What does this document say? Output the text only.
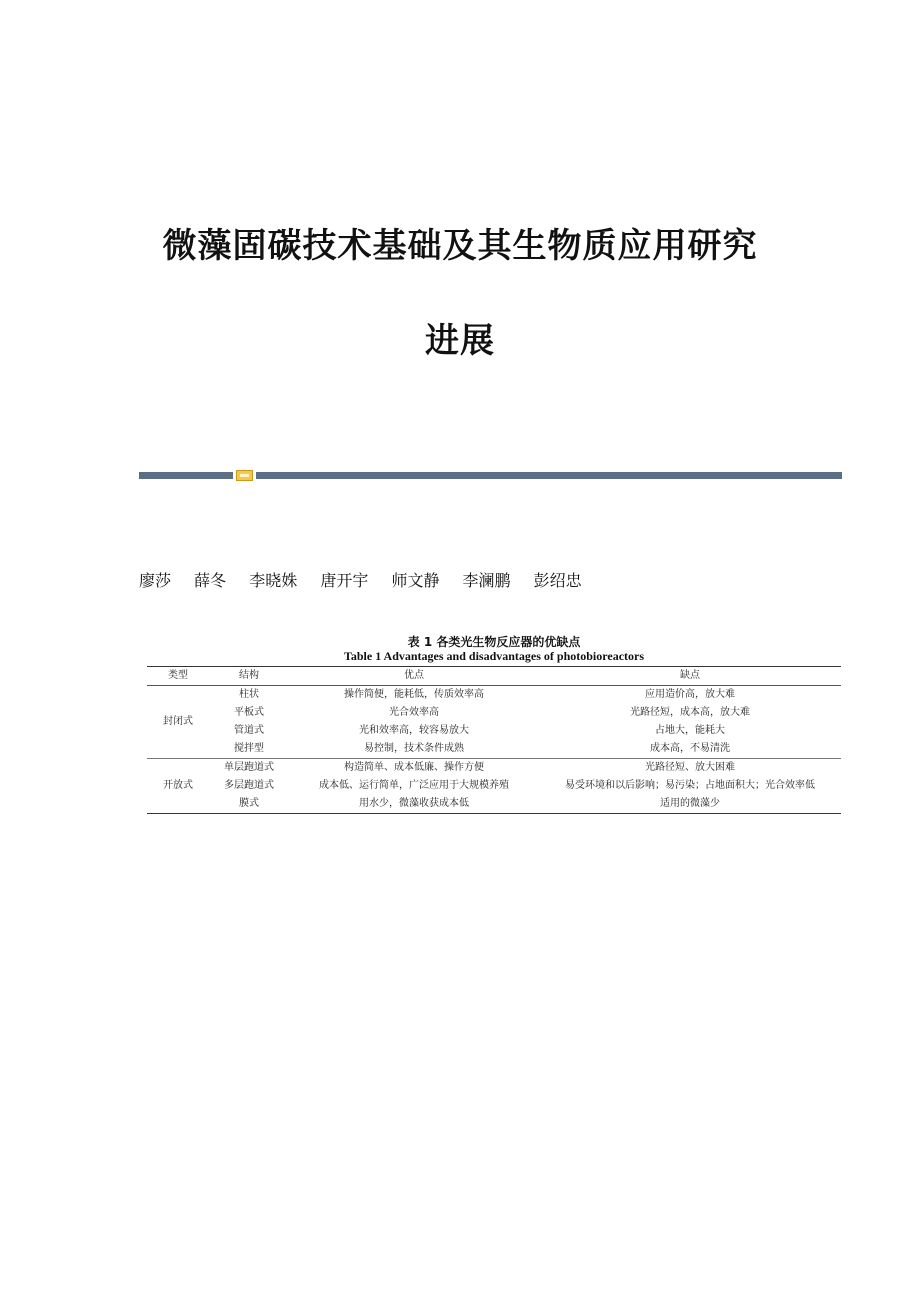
微藻固碳技术基础及其生物质应用研究
进展
廖莎 薛冬 李晓姝 唐开宇 师文静 李澜鹏 彭绍忠
表 1 各类光生物反应器的优缺点
Table 1 Advantages and disadvantages of photobioreactors
类型	结构	优点	缺点
封闭式	柱状	操作简便，能耗低，传质效率高	应用造价高，放大难
	平板式	光合效率高	光路径短，成本高，放大难
	管道式	光和效率高，较容易放大	占地大，能耗大
	搅拌型	易控制，技术条件成熟	成本高，不易清洗
开放式	单层跑道式	构造简单、成本低廉、操作方便	光路径短、放大困难
	多层跑道式	成本低、运行简单，广泛应用于大规模养殖	易受环境和以后影响；易污染；占地面积大；光合效率低
	膜式	用水少，微藻收获成本低	适用的微藻少
